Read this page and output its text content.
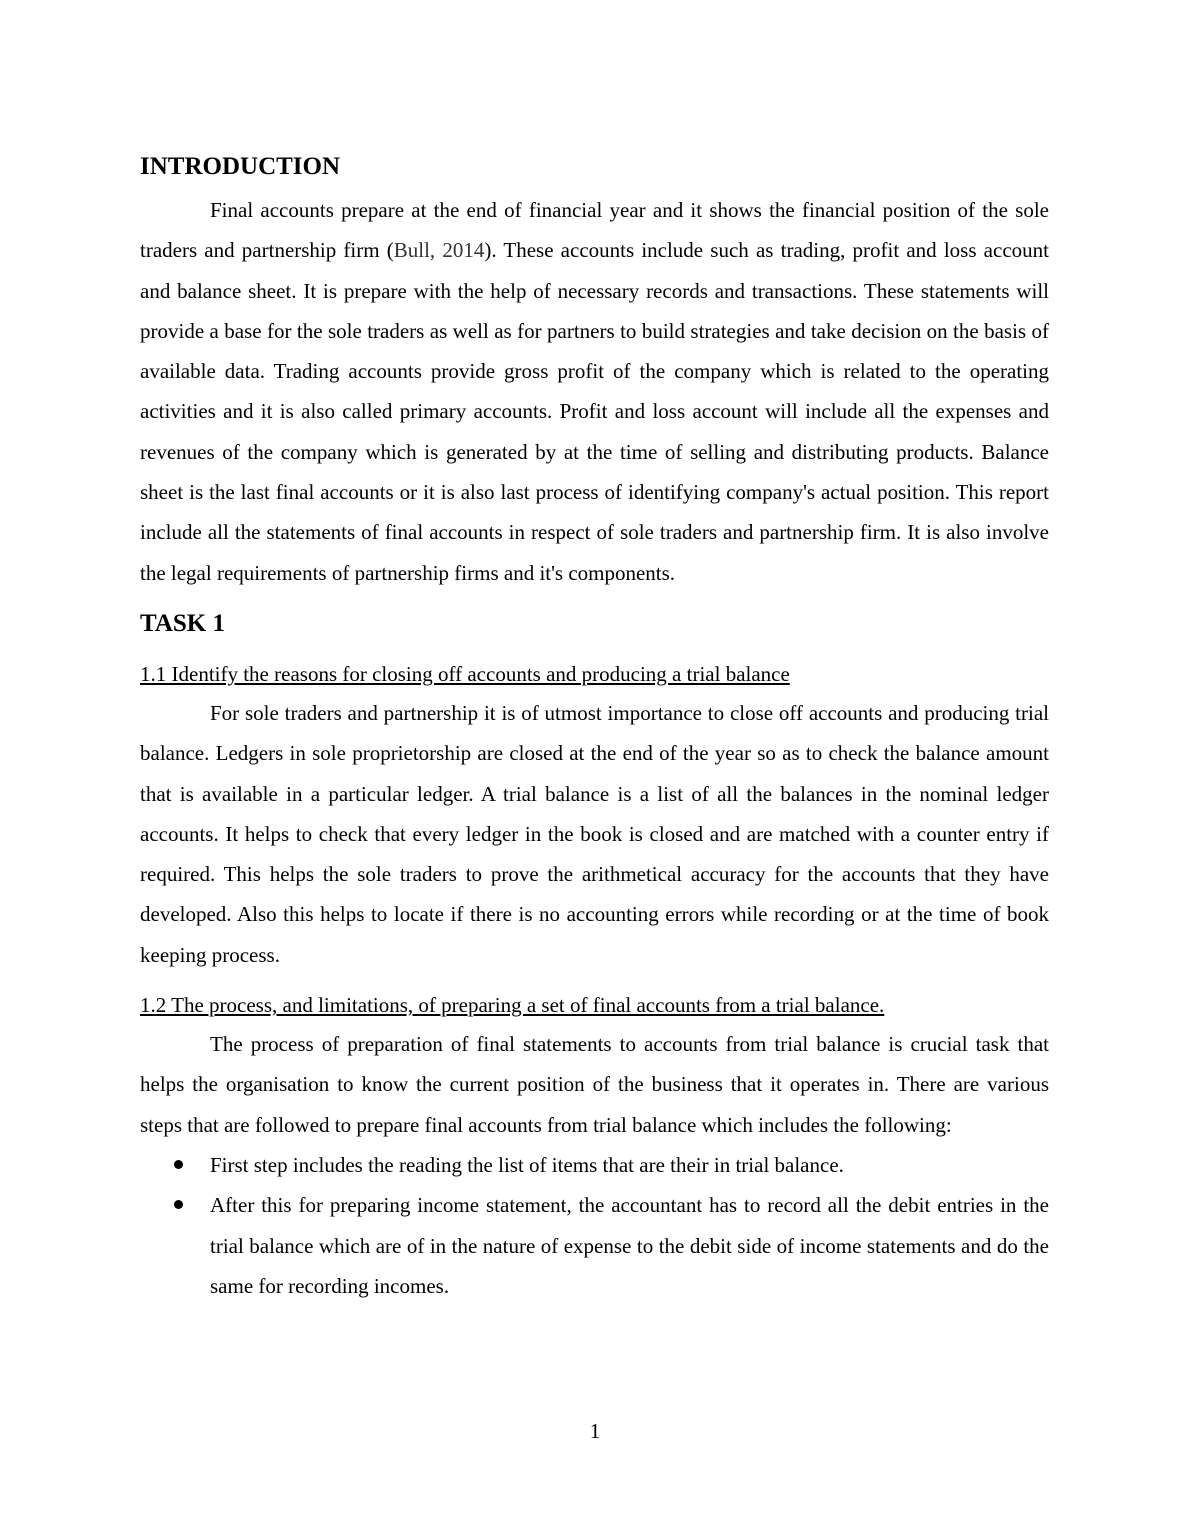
INTRODUCTION

Final accounts prepare at the end of financial year and it shows the financial position of the sole traders and partnership firm (Bull, 2014). These accounts include such as trading, profit and loss account and balance sheet. It is prepare with the help of necessary records and transactions. These statements will provide a base for the sole traders as well as for partners to build strategies and take decision on the basis of available data. Trading accounts provide gross profit of the company which is related to the operating activities and it is also called primary accounts. Profit and loss account will include all the expenses and revenues of the company which is generated by at the time of selling and distributing products. Balance sheet is the last final accounts or it is also last process of identifying company's actual position. This report include all the statements of final accounts in respect of sole traders and partnership firm. It is also involve the legal requirements of partnership firms and it's components.

TASK 1
1.1 Identify the reasons for closing off accounts and producing a trial balance

For sole traders and partnership it is of utmost importance to close off accounts and producing trial balance. Ledgers in sole proprietorship are closed at the end of the year so as to check the balance amount that is available in a particular ledger. A trial balance is a list of all the balances in the nominal ledger accounts. It helps to check that every ledger in the book is closed and are matched with a counter entry if required. This helps the sole traders to prove the arithmetical accuracy for the accounts that they have developed. Also this helps to locate if there is no accounting errors while recording or at the time of book keeping process.

1.2 The process, and limitations, of preparing a set of final accounts from a trial balance.

The process of preparation of final statements to accounts from trial balance is crucial task that helps the organisation to know the current position of the business that it operates in. There are various steps that are followed to prepare final accounts from trial balance which includes the following:

First step includes the reading the list of items that are their in trial balance.
After this for preparing income statement, the accountant has to record all the debit entries in the trial balance which are of in the nature of expense to the debit side of income statements and do the same for recording incomes.
1
